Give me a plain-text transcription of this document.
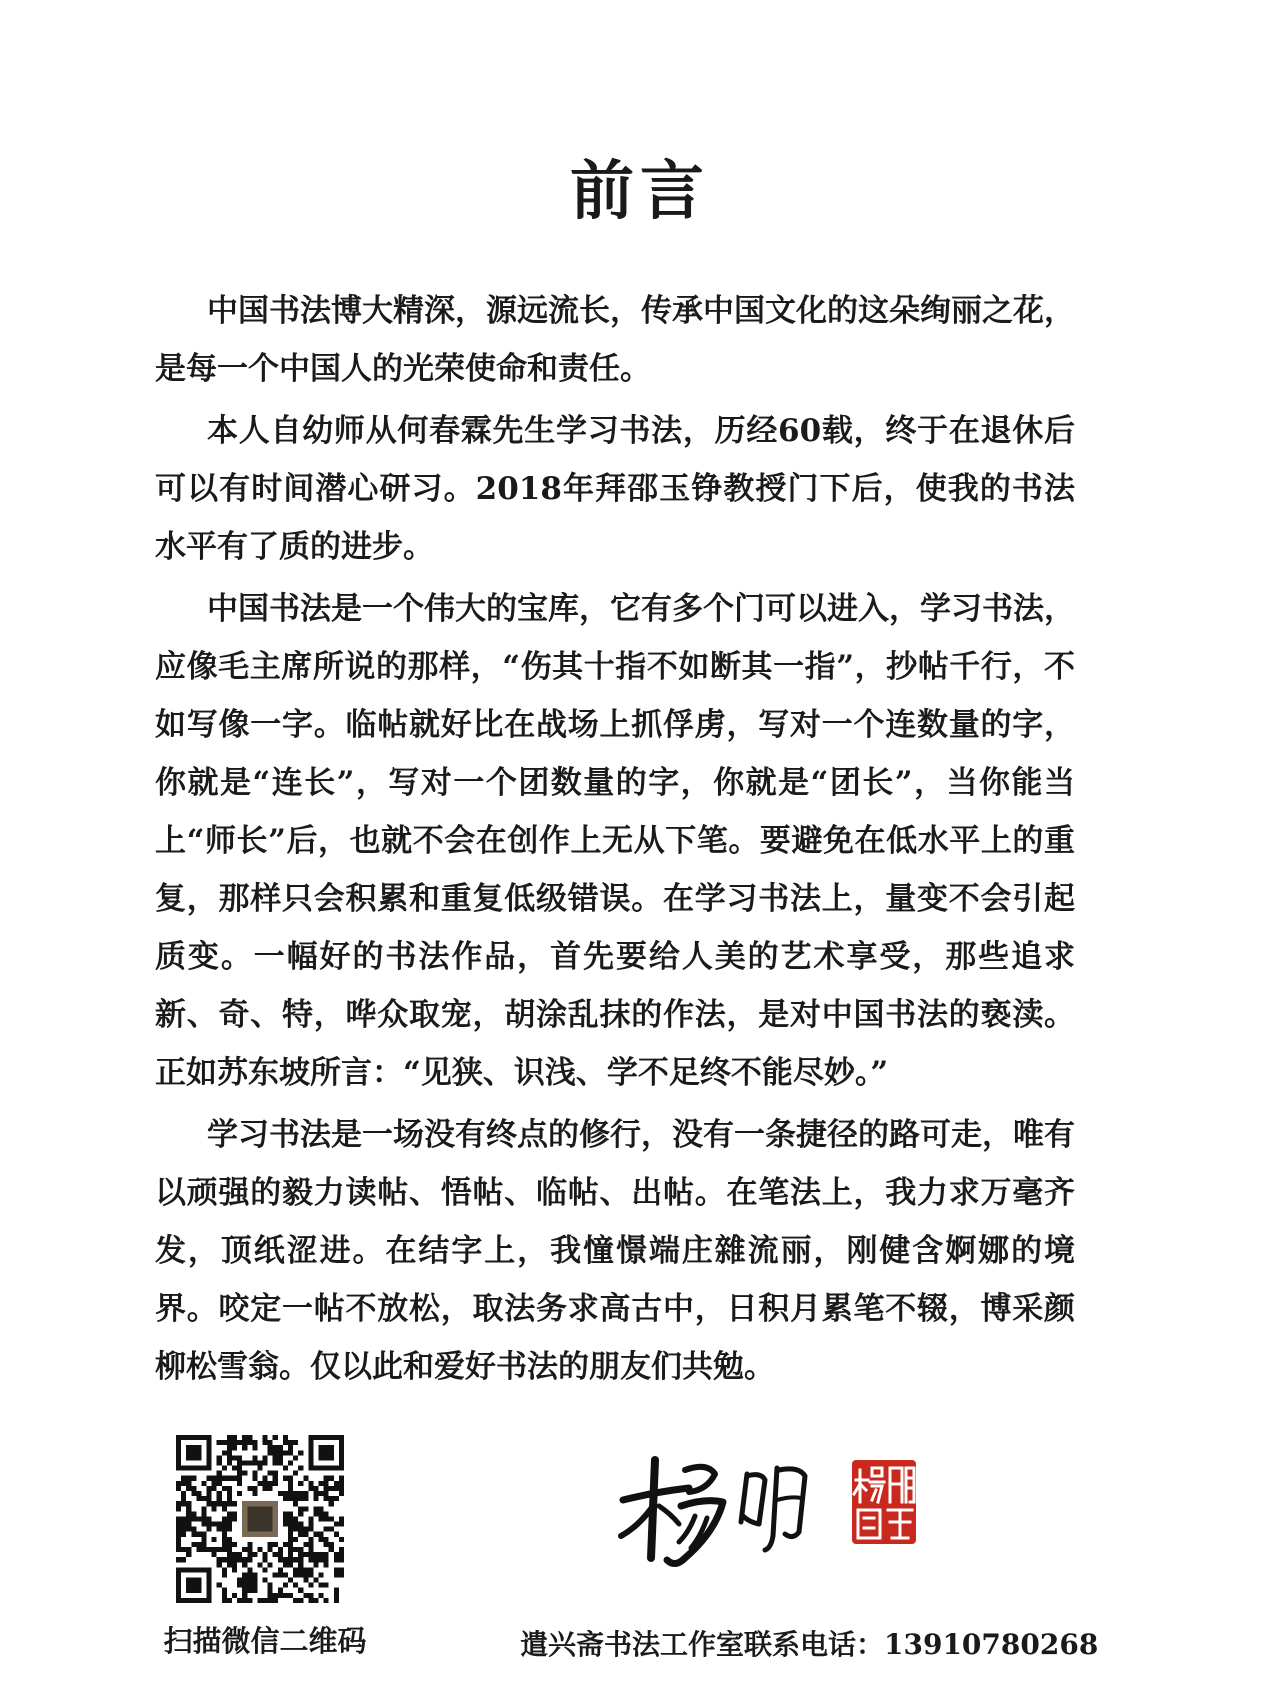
前言

中国书法博大精深，源远流长，传承中国文化的这朵绚丽之花，是每一个中国人的光荣使命和责任。

本人自幼师从何春霖先生学习书法，历经60载，终于在退休后可以有时间潜心研习。2018年拜邵玉铮教授门下后，使我的书法水平有了质的进步。

中国书法是一个伟大的宝库，它有多个门可以进入，学习书法，应像毛主席所说的那样，“伤其十指不如断其一指”，抄帖千行，不如写像一字。临帖就好比在战场上抓俘虏，写对一个连数量的字，你就是“连长”，写对一个团数量的字，你就是“团长”，当你能当上“师长”后，也就不会在创作上无从下笔。要避免在低水平上的重复，那样只会积累和重复低级错误。在学习书法上，量变不会引起质变。一幅好的书法作品，首先要给人美的艺术享受，那些追求新、奇、特，哗众取宠，胡涂乱抹的作法，是对中国书法的亵渎。正如苏东坡所言：“见狭、识浅、学不足终不能尽妙。”

学习书法是一场没有终点的修行，没有一条捷径的路可走，唯有以顽强的毅力读帖、悟帖、临帖、出帖。在笔法上，我力求万毫齐发，顶纸涩进。在结字上，我憧憬端庄雜流丽，刚健含婀娜的境界。咬定一帖不放松，取法务求高古中，日积月累笔不辍，博采颜柳松雪翁。仅以此和爱好书法的朋友们共勉。

扫描微信二维码	遣兴斋书法工作室联系电话：13910780268
